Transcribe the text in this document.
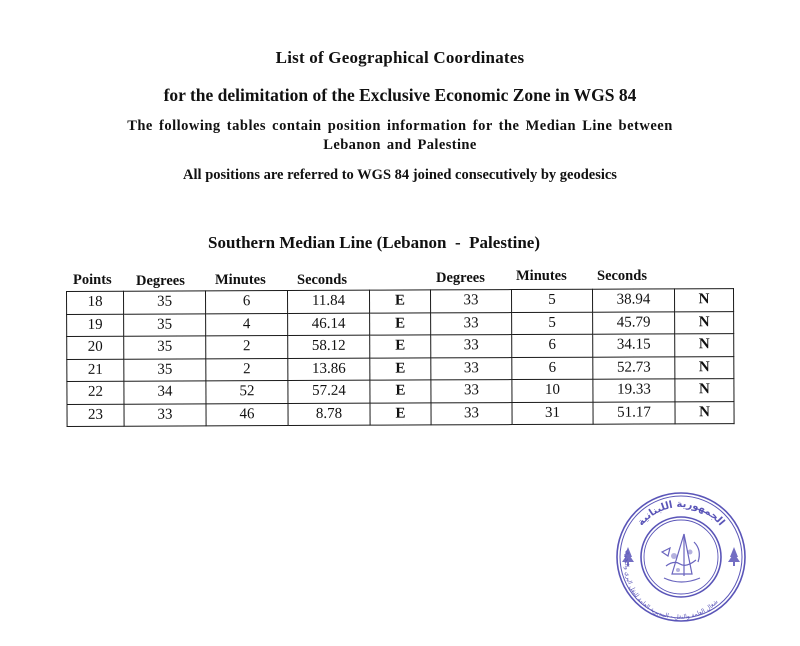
List of Geographical Coordinates
for the delimitation of the Exclusive Economic Zone in WGS 84
The following tables contain position information for the Median Line between
Lebanon and Palestine
All positions are referred to WGS 84 joined consecutively by geodesics
Southern Median Line (Lebanon  -  Palestine)
Points Degrees Minutes Seconds	Degrees Minutes Seconds
18	35	6	11.84	E	33	5	38.94	N
19	35	4	46.14	E	33	5	45.79	N
20	35	2	58.12	E	33	6	34.15	N
21	35	2	13.86	E	33	6	52.73	N
22	34	52	57.24	E	33	10	19.33	N
23	33	46	8.78	E	33	31	51.17	N
الجمهورية اللبنانية
شغال العامة والنقل - المديرية العامة للنقل البري والبحري
